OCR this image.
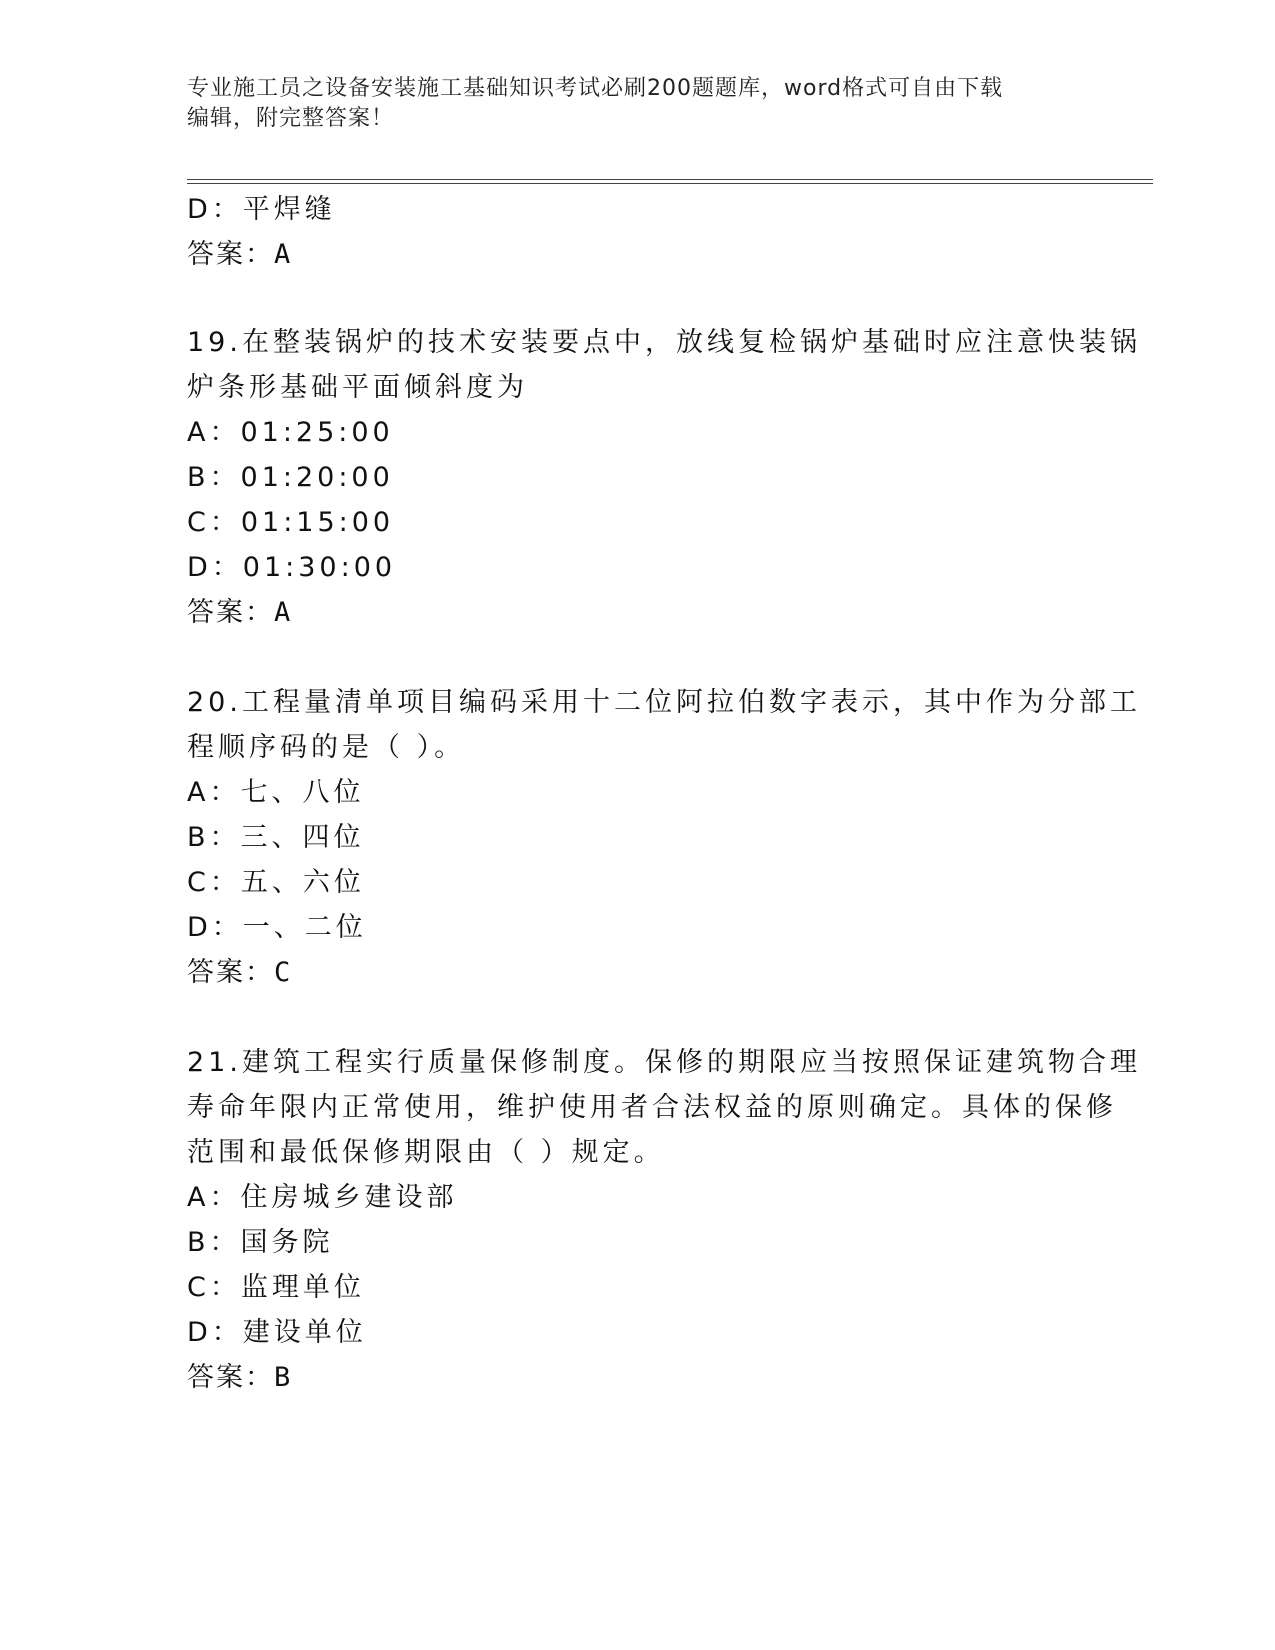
专业施工员之设备安装施工基础知识考试必刷200题题库，word格式可自由下载
编辑，附完整答案！
D：平焊缝
答案：A
19.在整装锅炉的技术安装要点中，放线复检锅炉基础时应注意快装锅
炉条形基础平面倾斜度为
A：01:25:00
B：01:20:00
C：01:15:00
D：01:30:00
答案：A
20.工程量清单项目编码采用十二位阿拉伯数字表示，其中作为分部工
程顺序码的是（ ）。
A：七、八位
B：三、四位
C：五、六位
D：一、二位
答案：C
21.建筑工程实行质量保修制度。保修的期限应当按照保证建筑物合理
寿命年限内正常使用，维护使用者合法权益的原则确定。具体的保修
范围和最低保修期限由（ ）规定。
A：住房城乡建设部
B：国务院
C：监理单位
D：建设单位
答案：B
